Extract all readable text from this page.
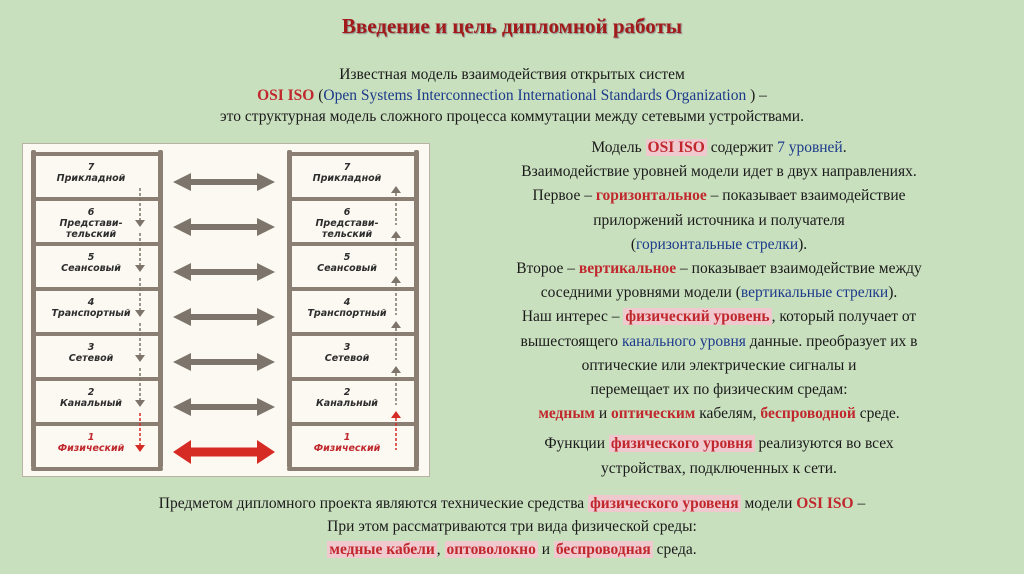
Введение и цель дипломной работы
Известная модель взаимодействия открытых систем
OSI ISO (Open Systems Interconnection International Standards Organization ) –
это структурная модель сложного процесса коммутации между сетевыми устройствами.
7
Прикладной
6
Представи-
тельский
5
Сеансовый
4
Транспортный
3
Сетевой
2
Канальный
1
Физический
7
Прикладной
6
Представи-
тельский
5
Сеансовый
4
Транспортный
3
Сетевой
2
Канальный
1
Физический
Модель OSI ISO содержит 7 уровней.
Взаимодействие уровней модели идет в двух направлениях.
Первое – горизонтальное – показывает взаимодействие
прилоржений источника и получателя
(горизонтальные стрелки).
Второе – вертикальное – показывает взаимодействие между
соседними уровнями модели (вертикальные стрелки).
Наш интерес – физический уровень , который получает от
вышестоящего канального уровня данные. преобразует их в
оптические или электрические сигналы и
перемещает их по физическим средам:
медным и оптическим кабелям, беспроводной среде.
Функции физического уровня реализуются во всех
устройствах, подключенных к сети.
Предметом дипломного проекта являются технические средства физического уровеня модели OSI ISO –
При этом рассматриваются три вида физической среды:
медные кабели , оптоволокно и беспроводная среда.
